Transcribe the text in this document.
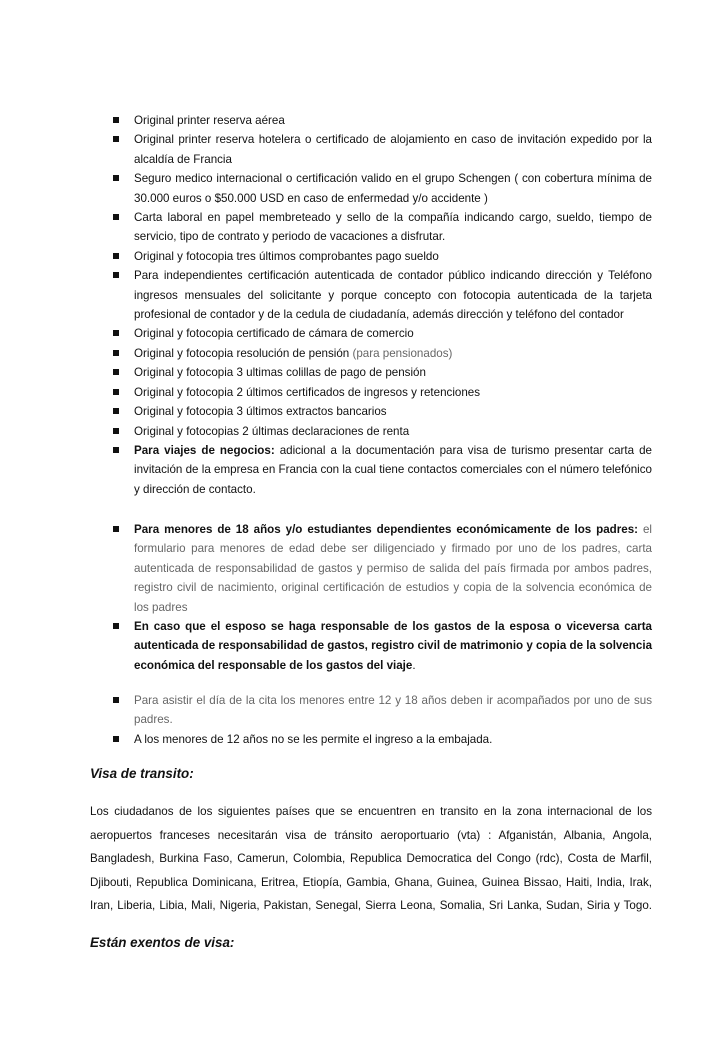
Original printer reserva aérea
Original printer reserva hotelera o certificado de alojamiento en caso de invitación expedido por la alcaldía de Francia
Seguro medico internacional o certificación valido en el grupo Schengen ( con cobertura mínima de 30.000 euros o $50.000 USD en caso de enfermedad y/o accidente )
Carta laboral en papel membreteado y sello de la compañía indicando cargo, sueldo, tiempo de servicio, tipo de contrato y periodo de vacaciones a disfrutar.
Original y fotocopia tres últimos comprobantes pago sueldo
Para independientes certificación autenticada de contador público indicando dirección y Teléfono ingresos mensuales del solicitante y porque concepto con fotocopia autenticada de la tarjeta profesional de contador y de la cedula de ciudadanía, además dirección y teléfono del contador
Original y fotocopia certificado de cámara de comercio
Original y fotocopia resolución de pensión (para pensionados)
Original y fotocopia 3 ultimas colillas de pago de pensión
Original y fotocopia 2 últimos certificados de ingresos y retenciones
Original y fotocopia 3 últimos extractos bancarios
Original y fotocopias 2 últimas declaraciones de renta
Para viajes de negocios: adicional a la documentación para visa de turismo presentar carta de invitación de la empresa en Francia con la cual tiene contactos comerciales con el número telefónico y dirección de contacto.
Para menores de 18 años y/o estudiantes dependientes económicamente de los padres: el formulario para menores de edad debe ser diligenciado y firmado por uno de los padres, carta autenticada de responsabilidad de gastos y permiso de salida del país firmada por ambos padres, registro civil de nacimiento, original certificación de estudios y copia de la solvencia económica de los padres
En caso que el esposo se haga responsable de los gastos de la esposa o viceversa carta autenticada de responsabilidad de gastos, registro civil de matrimonio y copia de la solvencia económica del responsable de los gastos del viaje.
Para asistir el día de la cita los menores entre 12 y 18 años deben ir acompañados por uno de sus padres.
A los menores de 12 años no se les permite el ingreso a la embajada.
Visa de transito:
Los ciudadanos de los siguientes países que se encuentren en transito en la zona internacional de los aeropuertos franceses necesitarán visa de tránsito aeroportuario (vta) : Afganistán, Albania, Angola, Bangladesh, Burkina Faso, Camerun, Colombia, Republica Democratica del Congo (rdc), Costa de Marfil, Djibouti, Republica Dominicana, Eritrea, Etiopía, Gambia, Ghana, Guinea, Guinea Bissao, Haiti, India, Irak, Iran, Liberia, Libia, Mali, Nigeria, Pakistan, Senegal, Sierra Leona, Somalia, Sri Lanka, Sudan, Siria y Togo.
Están exentos de visa:
